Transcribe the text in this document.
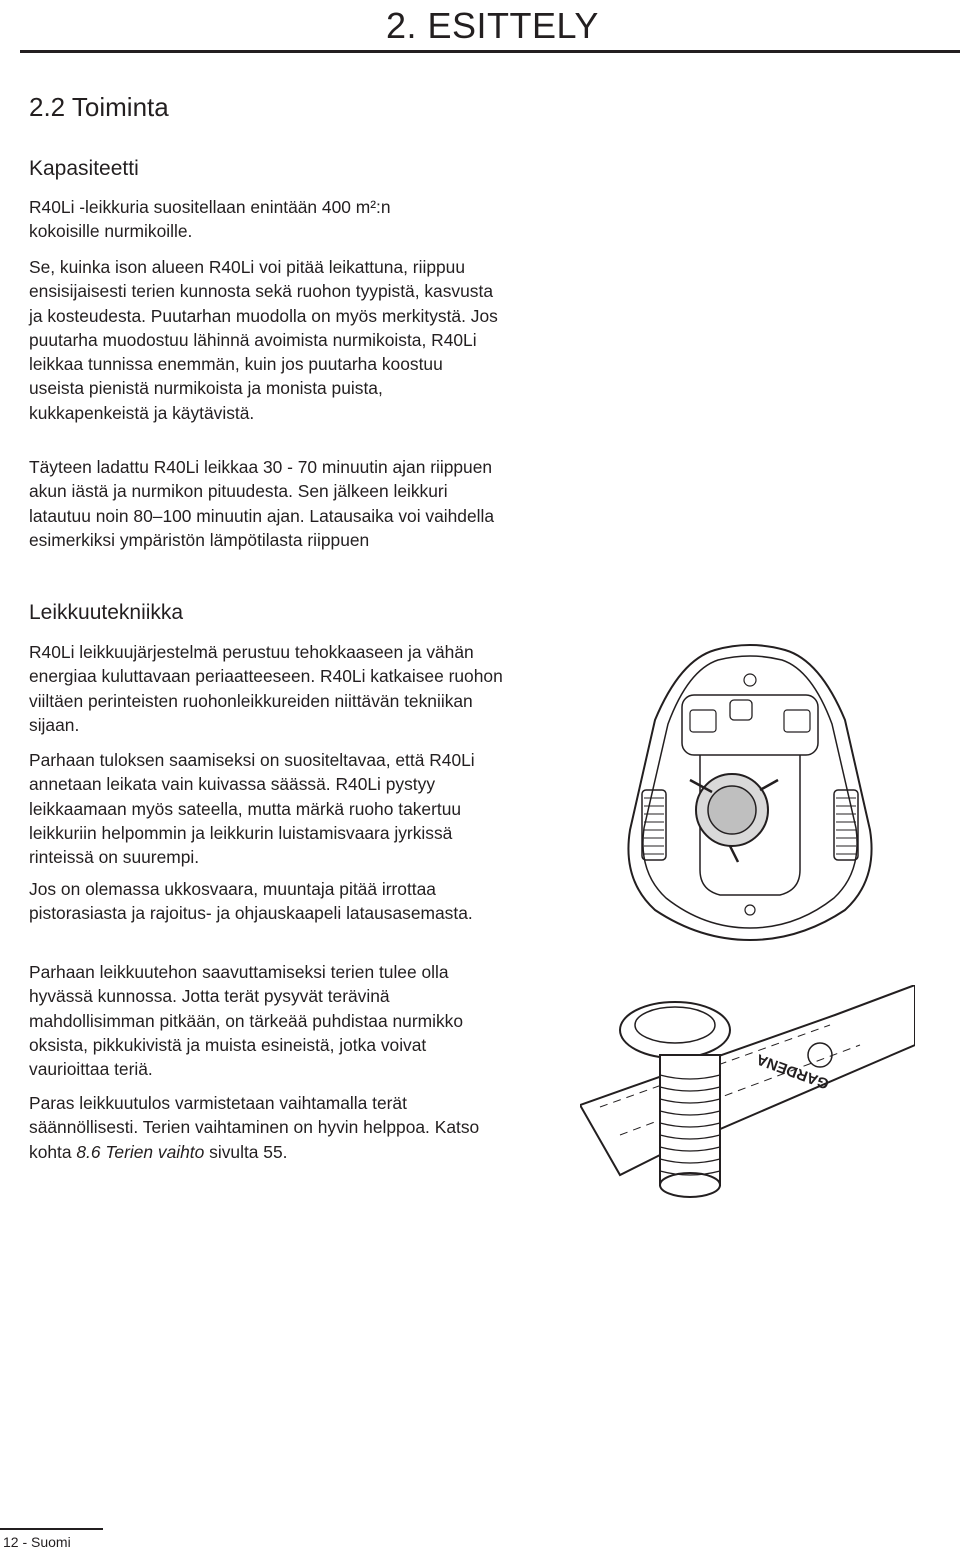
2. ESITTELY
2.2 Toiminta
Kapasiteetti

R40Li -leikkuria suositellaan enintään 400 m²:n kokoisille nurmikoille.

Se, kuinka ison alueen R40Li voi pitää leikattuna, riippuu ensisijaisesti terien kunnosta sekä ruohon tyypistä, kasvusta ja kosteudesta. Puutarhan muodolla on myös merkitystä. Jos puutarha muodostuu lähinnä avoimista nurmikoista, R40Li leikkaa tunnissa enemmän, kuin jos puutarha koostuu useista pienistä nurmikoista ja monista puista, kukkapenkeistä ja käytävistä.

Täyteen ladattu R40Li leikkaa 30 - 70 minuutin ajan riippuen akun iästä ja nurmikon pituudesta. Sen jälkeen leikkuri latautuu noin 80–100 minuutin ajan. Latausaika voi vaihdella esimerkiksi ympäristön lämpötilasta riippuen

Leikkuutekniikka

R40Li leikkuujärjestelmä perustuu tehokkaaseen ja vähän energiaa kuluttavaan periaatteeseen. R40Li katkaisee ruohon viiltäen perinteisten ruohonleikkureiden niittävän tekniikan sijaan.

Parhaan tuloksen saamiseksi on suositeltavaa, että R40Li annetaan leikata vain kuivassa säässä. R40Li pystyy leikkaamaan myös sateella, mutta märkä ruoho takertuu leikkuriin helpommin ja leikkurin luistamisvaara jyrkissä rinteissä on suurempi.

Jos on olemassa ukkosvaara, muuntaja pitää irrottaa pistorasiasta ja rajoitus- ja ohjauskaapeli latausasemasta.

Parhaan leikkuutehon saavuttamiseksi terien tulee olla hyvässä kunnossa. Jotta terät pysyvät terävinä mahdollisimman pitkään, on tärkeää puhdistaa nurmikko oksista, pikkukivistä ja muista esineistä, jotka voivat vaurioittaa teriä.

Paras leikkuutulos varmistetaan vaihtamalla terät säännöllisesti. Terien vaihtaminen on hyvin helppoa. Katso kohta 8.6 Terien vaihto sivulta 55.

GARDENA
12 - Suomi
